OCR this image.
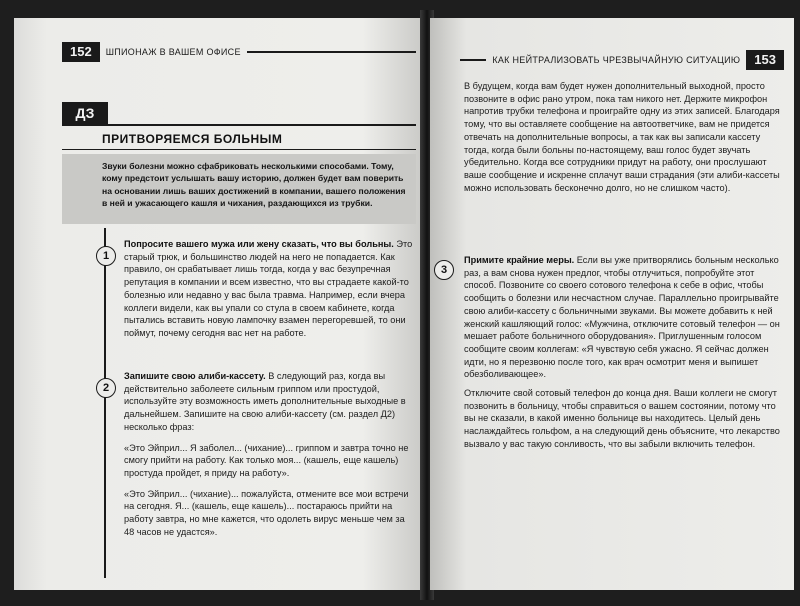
152	ШПИОНАЖ В ВАШЕМ ОФИСЕ
ДЗ
ПРИТВОРЯЕМСЯ БОЛЬНЫМ
Звуки болезни можно сфабриковать несколькими способами. Тому, кому предстоит услышать вашу историю, должен будет вам поверить на основании лишь ваших достижений в компании, вашего положения в ней и ужасающего кашля и чихания, раздающихся из трубки.
1

Попросите вашего мужа или жену сказать, что вы больны. Это старый трюк, и большинство людей на него не попадается. Как правило, он срабатывает лишь тогда, когда у вас безупречная репутация в компании и всем известно, что вы страдаете какой-то болезнью или недавно у вас была травма. Например, если вчера коллеги видели, как вы упали со стула в своем кабинете, когда пытались вставить новую лампочку взамен перегоревшей, то они поймут, почему сегодня вас нет на работе.

2

Запишите свою алиби-кассету. В следующий раз, когда вы действительно заболеете сильным гриппом или простудой, используйте эту возможность иметь дополнительные выходные в дальнейшем. Запишите на свою алиби-кассету (см. раздел Д2) несколько фраз:

«Это Эйприл... Я заболел... (чихание)... гриппом и завтра точно не смогу прийти на работу. Как только моя... (кашель, еще кашель) простуда пройдет, я приду на работу».

«Это Эйприл... (чихание)... пожалуйста, отмените все мои встречи на сегодня. Я... (кашель, еще кашель)... постараюсь прийти на работу завтра, но мне кажется, что одолеть вирус меньше чем за 48 часов не удастся».

КАК НЕЙТРАЛИЗОВАТЬ ЧРЕЗВЫЧАЙНУЮ СИТУАЦИЮ	153

В будущем, когда вам будет нужен дополнительный выходной, просто позвоните в офис рано утром, пока там никого нет. Держите микрофон напротив трубки телефона и проиграйте одну из этих записей. Благодаря тому, что вы оставляете сообщение на автоответчике, вам не придется отвечать на дополнительные вопросы, а так как вы записали кассету тогда, когда были больны по-настоящему, ваш голос будет звучать убедительно. Когда все сотрудники придут на работу, они прослушают ваше сообщение и искренне сплачут ваши страдания (эти алиби-кассеты можно использовать бесконечно долго, но не слишком часто).

3

Примите крайние меры. Если вы уже притворялись больным несколько раз, а вам снова нужен предлог, чтобы отлучиться, попробуйте этот способ. Позвоните со своего сотового телефона к себе в офис, чтобы сообщить о болезни или несчастном случае. Параллельно проигрывайте свою алиби-кассету с больничными звуками. Вы можете добавить к ней женский кашляющий голос: «Мужчина, отключите сотовый телефон — он мешает работе больничного оборудования». Приглушенным голосом сообщите своим коллегам: «Я чувствую себя ужасно. Я сейчас должен идти, но я перезвоню после того, как врач осмотрит меня и выпишет обезболивающее».

Отключите свой сотовый телефон до конца дня. Ваши коллеги не смогут позвонить в больницу, чтобы справиться о вашем состоянии, потому что вы не сказали, в какой именно больнице вы находитесь. Целый день наслаждайтесь гольфом, а на следующий день объясните, что лекарство вызвало у вас такую сонливость, что вы забыли включить телефон.
